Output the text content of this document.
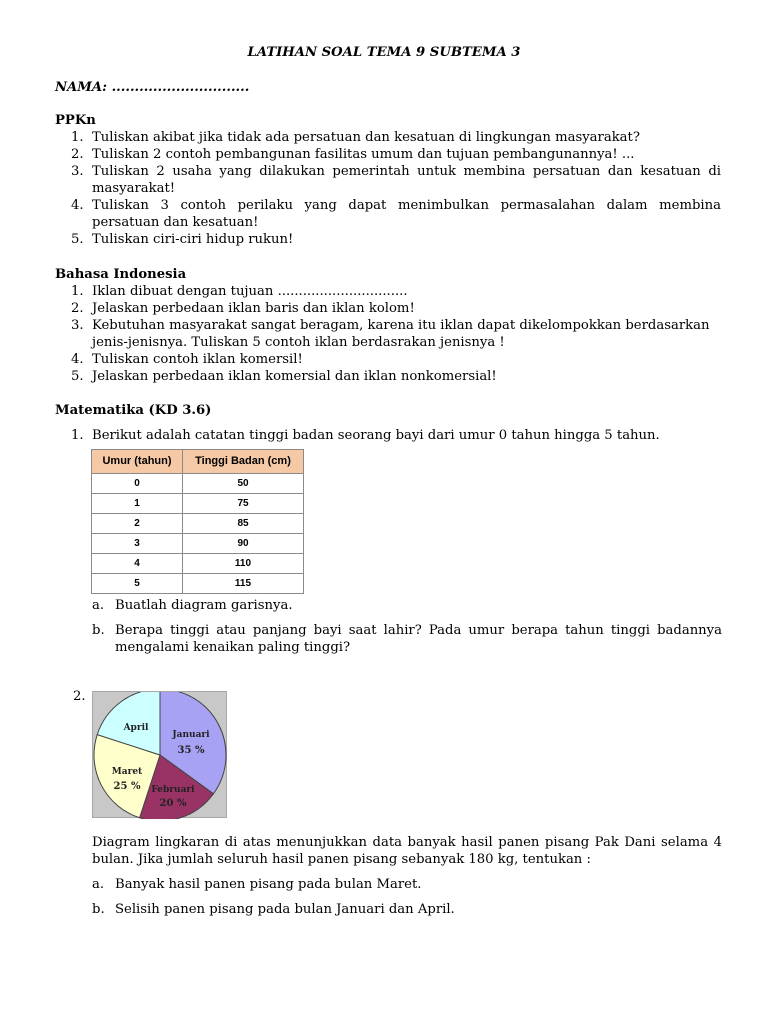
LATIHAN SOAL TEMA 9 SUBTEMA 3
NAMA: ..............................
PPKn
1. Tuliskan akibat jika tidak ada persatuan dan kesatuan di lingkungan masyarakat?
2. Tuliskan 2 contoh pembangunan fasilitas umum dan tujuan pembangunannya! ...
3. Tuliskan 2 usaha yang dilakukan pemerintah untuk membina persatuan dan kesatuan di masyarakat!
4. Tuliskan 3 contoh perilaku yang dapat menimbulkan permasalahan dalam membina persatuan dan kesatuan!
5. Tuliskan ciri-ciri hidup rukun!
Bahasa Indonesia
1. Iklan dibuat dengan tujuan ...............................
2. Jelaskan perbedaan iklan baris dan iklan kolom!
3. Kebutuhan masyarakat sangat beragam, karena itu iklan dapat dikelompokkan berdasarkan jenis-jenisnya. Tuliskan 5 contoh iklan berdasrakan jenisnya !
4. Tuliskan contoh iklan komersil!
5. Jelaskan perbedaan iklan komersial dan iklan nonkomersial!
Matematika (KD 3.6)
1. Berikut adalah catatan tinggi badan seorang bayi dari umur 0 tahun hingga 5 tahun.
Umur (tahun)	Tinggi Badan (cm)
0	50
1	75
2	85
3	90
4	110
5	115
a. Buatlah diagram garisnya.
b. Berapa tinggi atau panjang bayi saat lahir? Pada umur berapa tahun tinggi badannya mengalami kenaikan paling tinggi?
2.
Januari
35 %
Februari
20 %
Maret
25 %
April
Diagram lingkaran di atas menunjukkan data banyak hasil panen pisang Pak Dani selama 4 bulan. Jika jumlah seluruh hasil panen pisang sebanyak 180 kg, tentukan :
a. Banyak hasil panen pisang pada bulan Maret.
b. Selisih panen pisang pada bulan Januari dan April.
